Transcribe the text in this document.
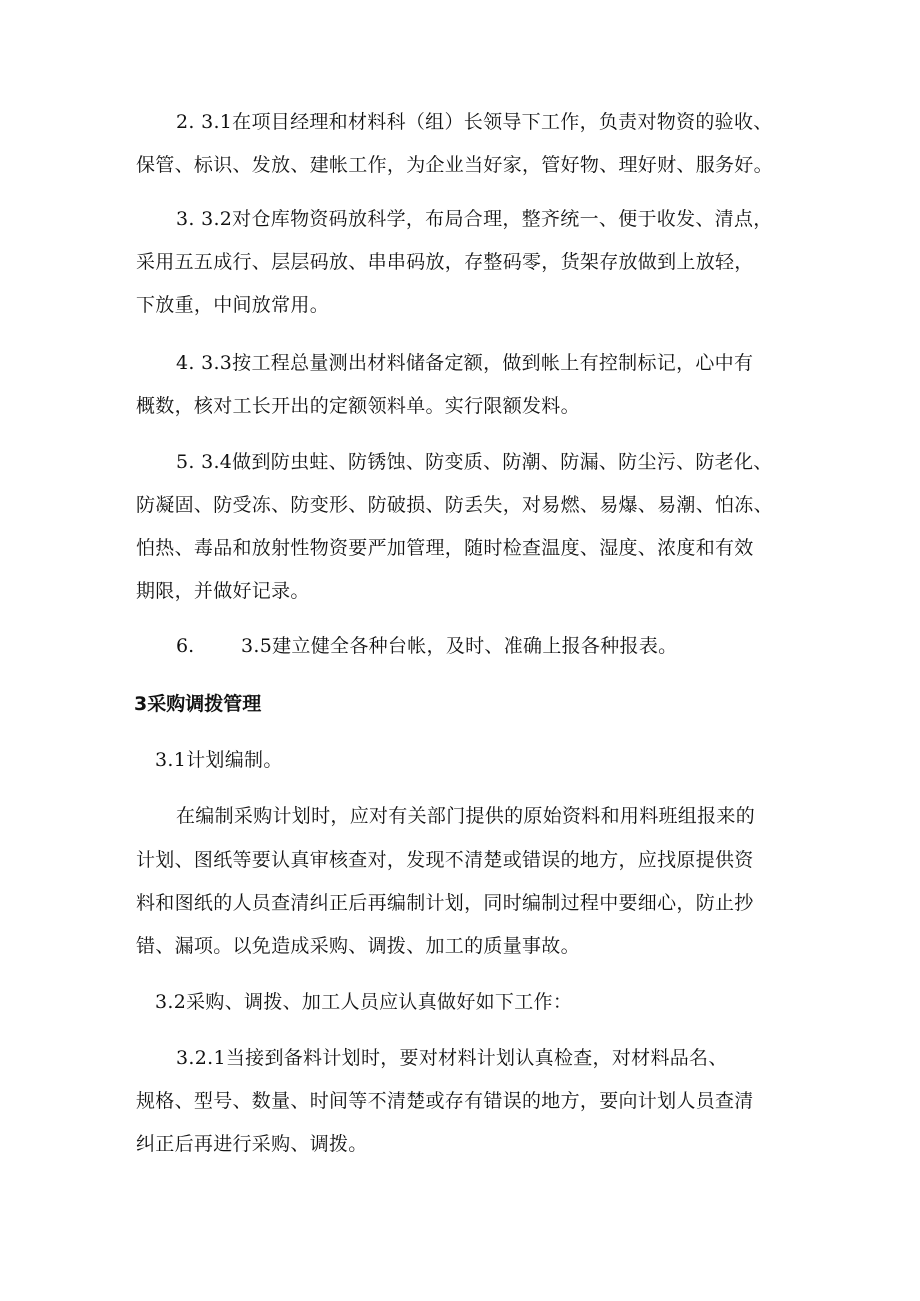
2. 3.1在项目经理和材料科（组）长领导下工作，负责对物资的验收、
保管、标识、发放、建帐工作，为企业当好家，管好物、理好财、服务好。
3. 3.2对仓库物资码放科学，布局合理，整齐统一、便于收发、清点，
采用五五成行、层层码放、串串码放，存整码零，货架存放做到上放轻，
下放重，中间放常用。
4. 3.3按工程总量测出材料储备定额，做到帐上有控制标记，心中有
概数，核对工长开出的定额领料单。实行限额发料。
5. 3.4做到防虫蛀、防锈蚀、防变质、防潮、防漏、防尘污、防老化、
防凝固、防受冻、防变形、防破损、防丢失，对易燃、易爆、易潮、怕冻、
怕热、毒品和放射性物资要严加管理，随时检查温度、湿度、浓度和有效
期限，并做好记录。
6. 3.5建立健全各种台帐，及时、准确上报各种报表。
3采购调拨管理
3.1计划编制。
在编制采购计划时，应对有关部门提供的原始资料和用料班组报来的
计划、图纸等要认真审核查对，发现不清楚或错误的地方，应找原提供资
料和图纸的人员查清纠正后再编制计划，同时编制过程中要细心，防止抄
错、漏项。以免造成采购、调拨、加工的质量事故。
3.2采购、调拨、加工人员应认真做好如下工作：
3.2.1当接到备料计划时，要对材料计划认真检查，对材料品名、
规格、型号、数量、时间等不清楚或存有错误的地方，要向计划人员查清
纠正后再进行采购、调拨。
